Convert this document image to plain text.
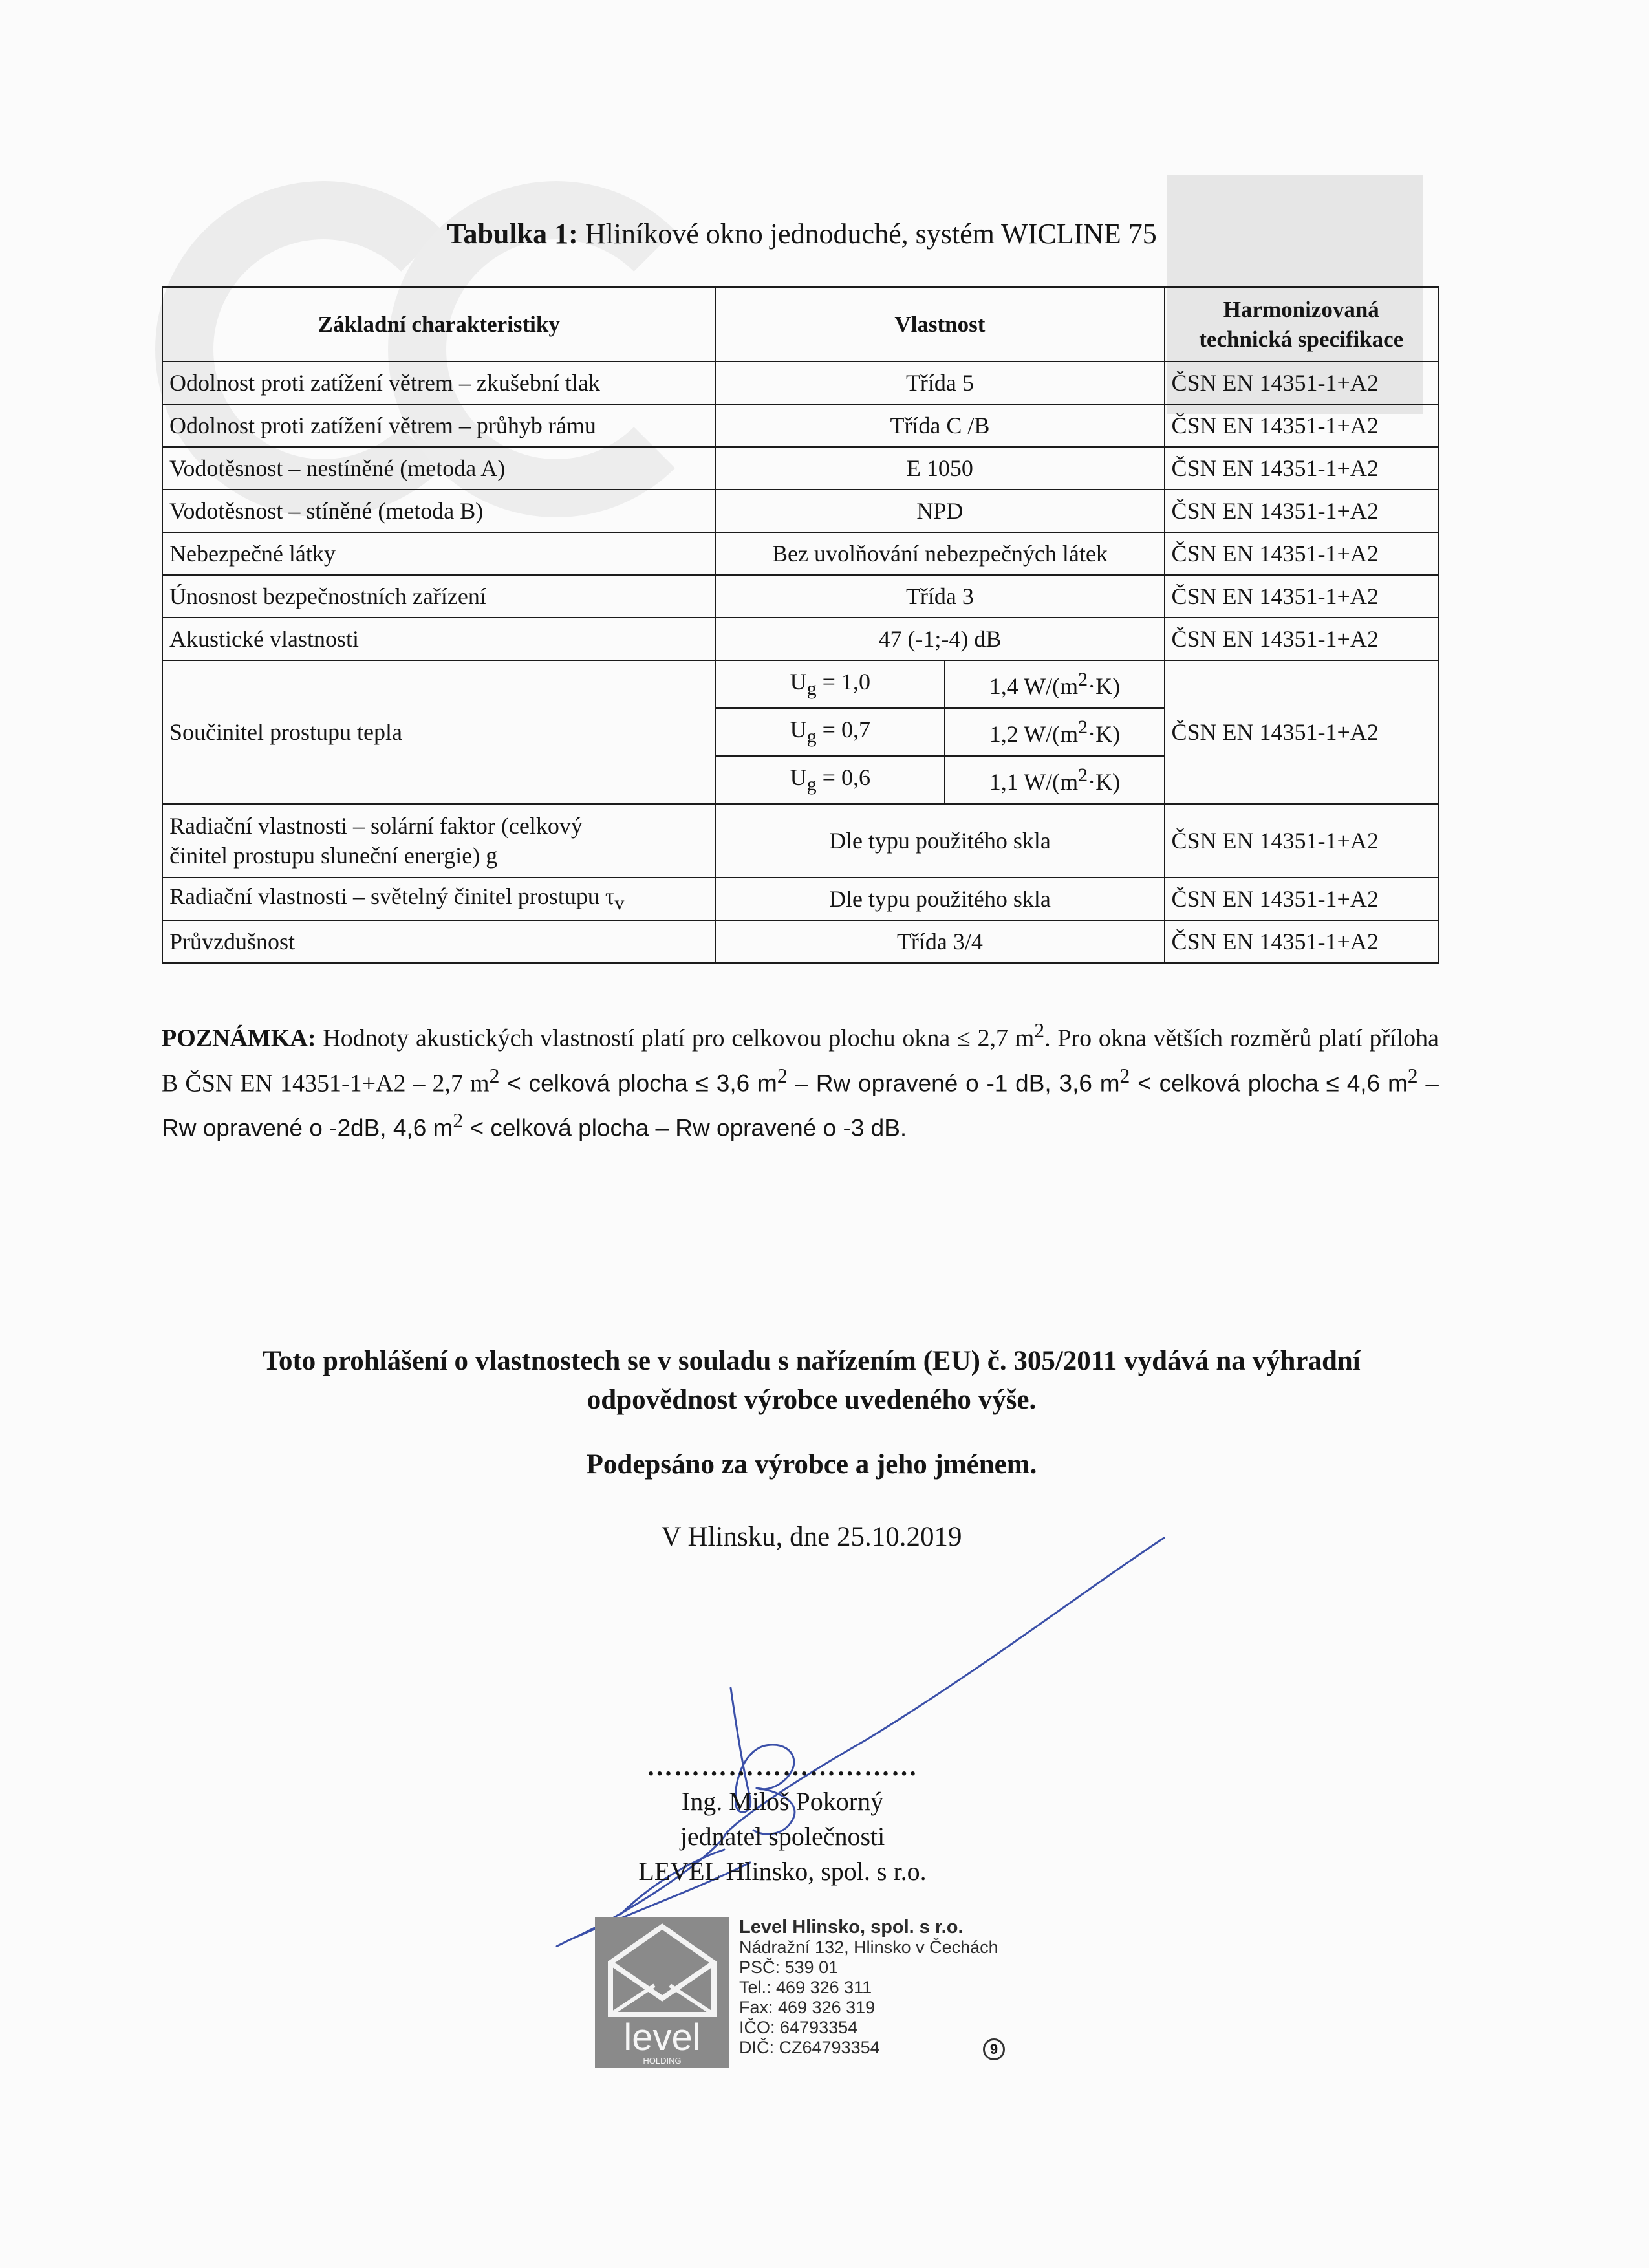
Tabulka 1: Hliníkové okno jednoduché, systém WICLINE 75
Základní charakteristiky	Vlastnost		Harmonizovaná
technická specifikace
Odolnost proti zatížení větrem – zkušební tlak	Třída 5		ČSN EN 14351-1+A2
Odolnost proti zatížení větrem – průhyb rámu	Třída C /B		ČSN EN 14351-1+A2
Vodotěsnost – nestíněné (metoda A)	E 1050		ČSN EN 14351-1+A2
Vodotěsnost – stíněné (metoda B)	NPD		ČSN EN 14351-1+A2
Nebezpečné látky	Bez uvolňování nebezpečných látek		ČSN EN 14351-1+A2
Únosnost bezpečnostních zařízení	Třída 3		ČSN EN 14351-1+A2
Akustické vlastnosti	47 (-1;-4) dB		ČSN EN 14351-1+A2
Součinitel prostupu tepla	$U_g = 1,0$	1,4 $W/(m^2\cdot K)$	ČSN EN 14351-1+A2
	$U_g = 0,7$	1,2 $W/(m^2\cdot K)$	
	$U_g = 0,6$	1,1 $W/(m^2\cdot K)$	
Radiační vlastnosti – solární faktor (celkový
činitel prostupu sluneční energie) g	Dle typu použitého skla		ČSN EN 14351-1+A2
Radiační vlastnosti – světelný činitel prostupu $\tau_v$	Dle typu použitého skla		ČSN EN 14351-1+A2
Průvzdušnost	Třída 3/4		ČSN EN 14351-1+A2
POZNÁMKA: Hodnoty akustických vlastností platí pro celkovou plochu okna ≤ 2,7 $m^2$. Pro okna větších rozměrů platí příloha B ČSN EN 14351-1+A2 – 2,7 $m^2$ < celková plocha ≤ 3,6 $m^2$ – Rw opravené o -1 dB, 3,6 $m^2$ < celková plocha ≤ 4,6 $m^2$ – Rw opravené o -2dB, 4,6 $m^2$ < celková plocha – Rw opravené o -3 dB.
Toto prohlášení o vlastnostech se v souladu s nařízením (EU) č. 305/2011 vydává na výhradní
odpovědnost výrobce uvedeného výše.
Podepsáno za výrobce a jeho jménem.
V Hlinsku, dne 25.10.2019
…………………………
Ing. Miloš Pokorný
jednatel společnosti
LEVEL Hlinsko, spol. s r.o.
level
HOLDING
Level Hlinsko, spol. s r.o.
Nádražní 132, Hlinsko v Čechách
PSČ: 539 01
Tel.: 469 326 311
Fax: 469 326 319
IČO: 64793354
DIČ: CZ64793354	9
